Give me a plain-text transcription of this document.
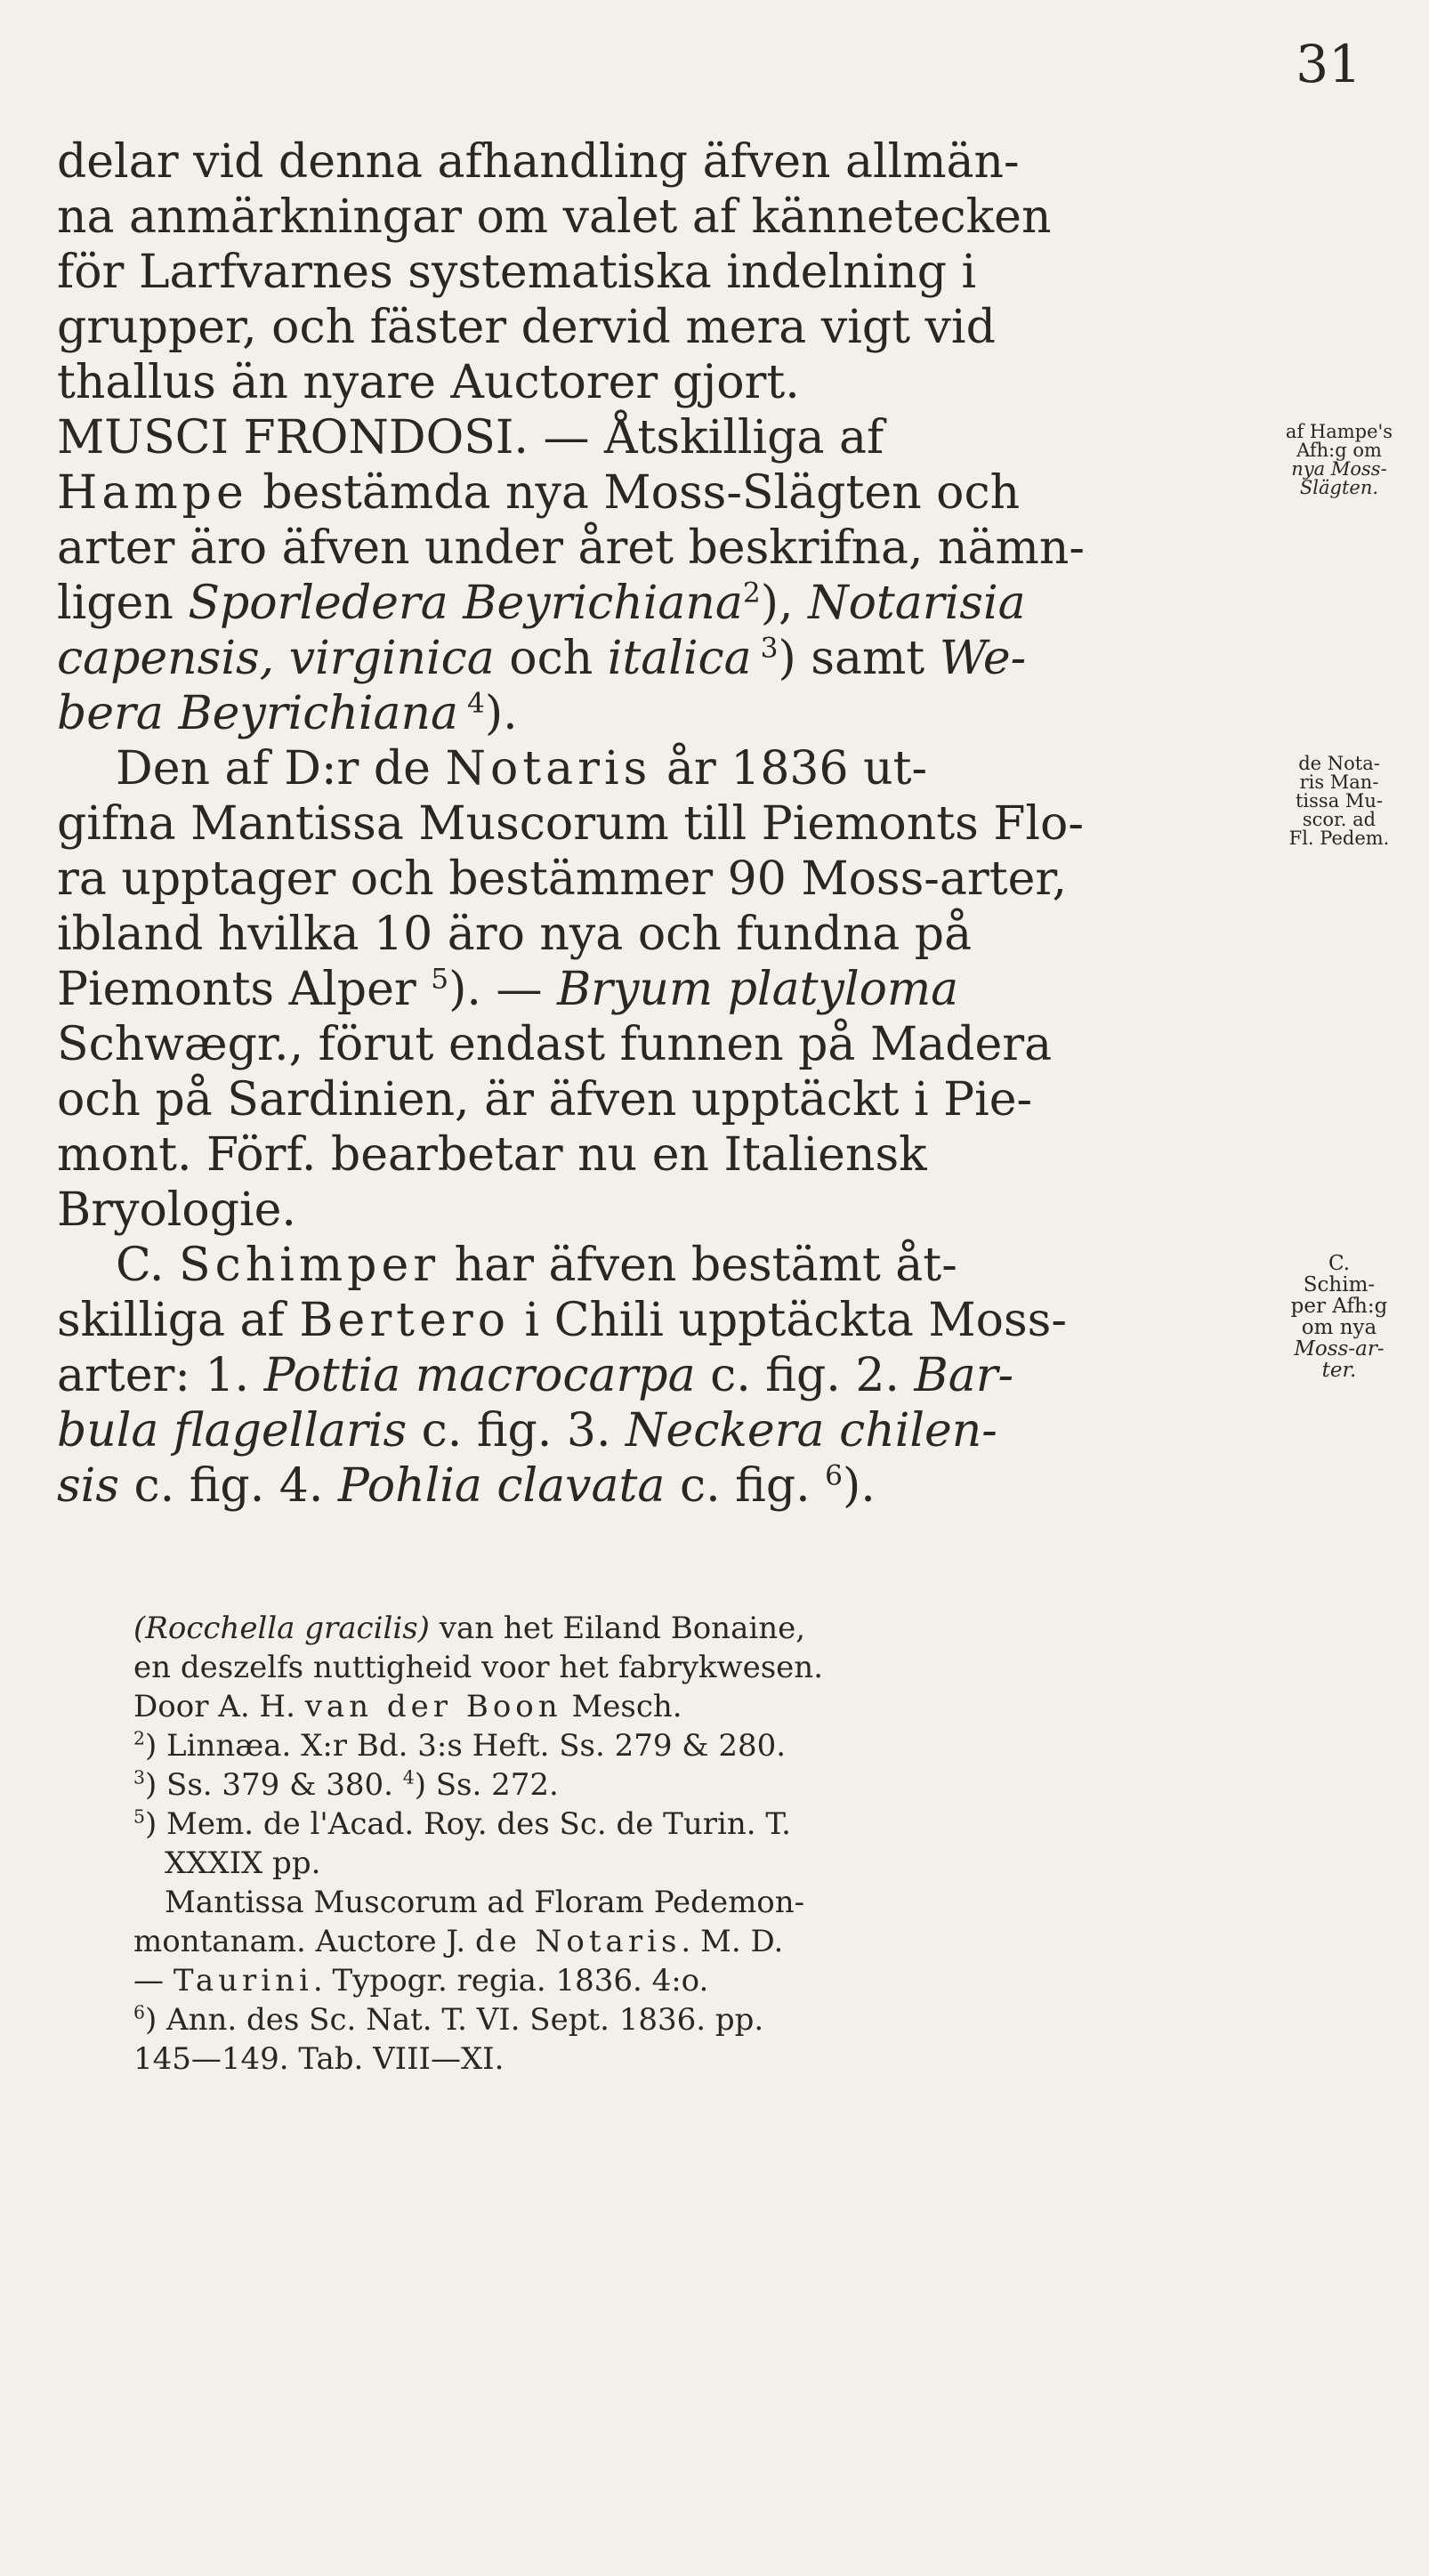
31
delar vid denna afhandling äfven allmän-
na anmärkningar om valet af kännetecken
för Larfvarnes systematiska indelning i
grupper, och fäster dervid mera vigt vid
thallus än nyare Auctorer gjort.
MUSCI FRONDOSI. — Åtskilliga af
Hampe bestämda nya Moss-Slägten och
arter äro äfven under året beskrifna, nämn-
ligen Sporledera Beyrichiana$^2$), Notarisia
capensis, virginica och italica $^3$) samt We-
bera Beyrichiana $^4$).
Den af D:r de Notaris år 1836 ut-
gifna Mantissa Muscorum till Piemonts Flo-
ra upptager och bestämmer 90 Moss-arter,
ibland hvilka 10 äro nya och fundna på
Piemonts Alper $^5$). — Bryum platyloma
Schwægr., förut endast funnen på Madera
och på Sardinien, är äfven upptäckt i Pie-
mont. Förf. bearbetar nu en Italiensk
Bryologie.
C. Schimper har äfven bestämt åt-
skilliga af Bertero i Chili upptäckta Moss-
arter: 1. Pottia macrocarpa c. fig. 2. Bar-
bula flagellaris c. fig. 3. Neckera chilen-
sis c. fig. 4. Pohlia clavata c. fig. $^6$).
af Hampe's
Afh:g om
nya Moss-
Slägten.
de Nota-
ris Man-
tissa Mu-
scor. ad
Fl. Pedem.
C.
Schim-
per Afh:g
om nya
Moss-ar-
ter.
(Rocchella gracilis) van het Eiland Bonaine,
en deszelfs nuttigheid voor het fabrykwesen.
Door A. H. van der Boon Mesch.
$^2$) Linnæa. X:r Bd. 3:s Heft. Ss. 279 & 280.
$^3$) Ss. 379 & 380. $^4$) Ss. 272.
$^5$) Mem. de l'Acad. Roy. des Sc. de Turin. T.
XXXIX pp.
Mantissa Muscorum ad Floram Pedemon-
montanam. Auctore J. de Notaris. M. D.
— Taurini. Typogr. regia. 1836. 4:o.
$^6$) Ann. des Sc. Nat. T. VI. Sept. 1836. pp.
145—149. Tab. VIII—XI.
